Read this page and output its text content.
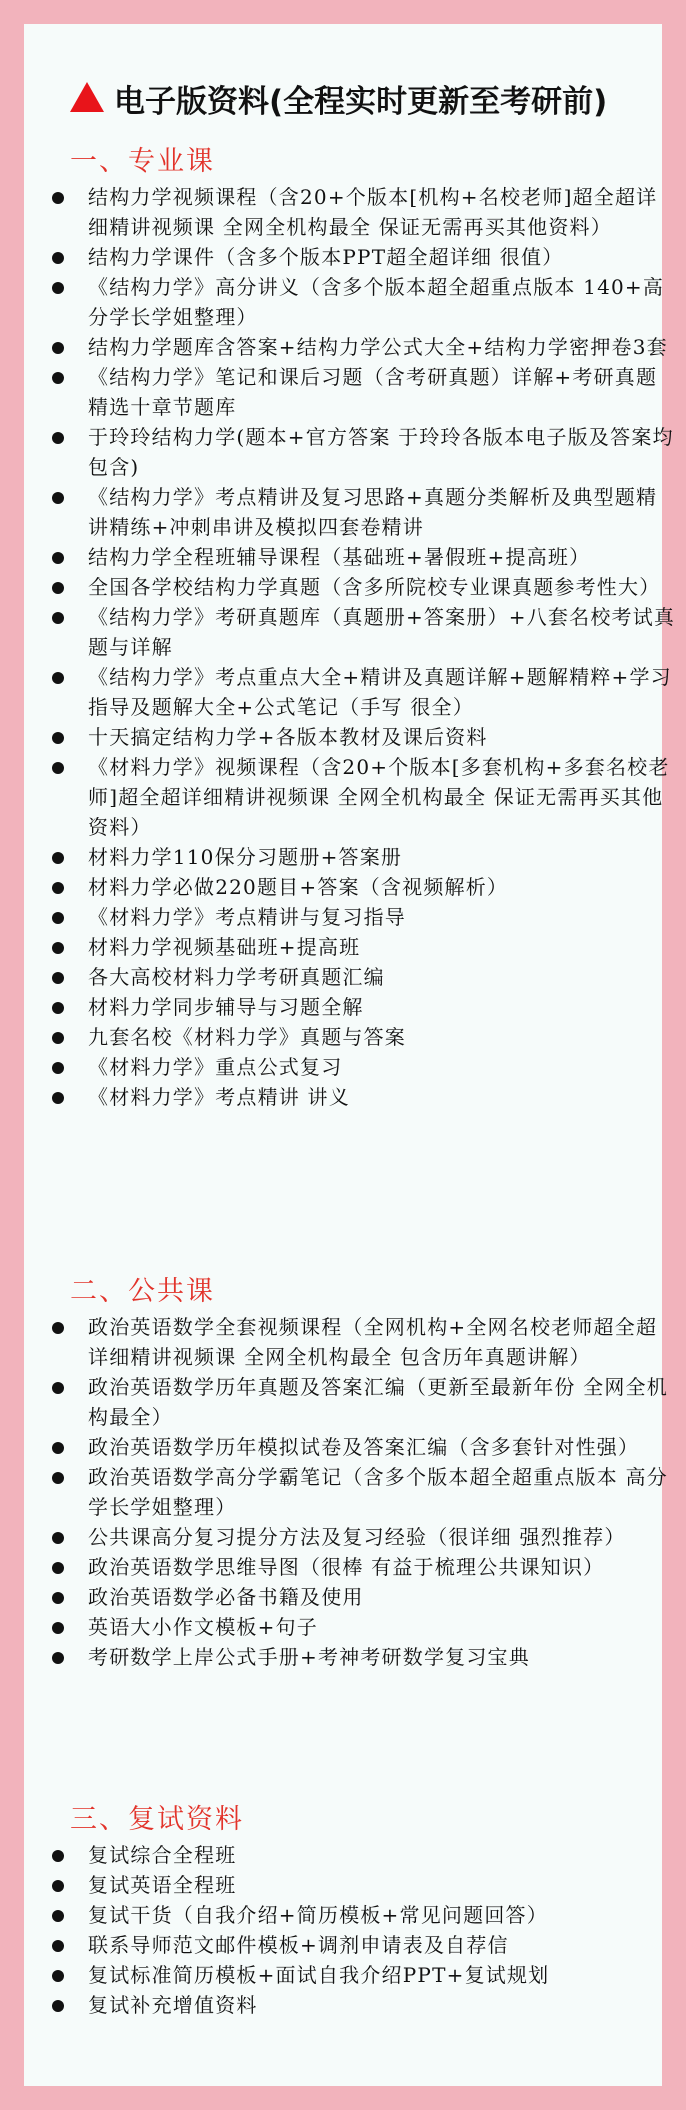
电子版资料(全程实时更新至考研前)
一、专业课
结构力学视频课程（含20+个版本[机构+名校老师]超全超详细精讲视频课 全网全机构最全 保证无需再买其他资料）
结构力学课件（含多个版本PPT超全超详细 很值）
《结构力学》高分讲义（含多个版本超全超重点版本 140+高分学长学姐整理）
结构力学题库含答案+结构力学公式大全+结构力学密押卷3套
《结构力学》笔记和课后习题（含考研真题）详解+考研真题精选十章节题库
于玲玲结构力学(题本+官方答案 于玲玲各版本电子版及答案均包含)
《结构力学》考点精讲及复习思路+真题分类解析及典型题精讲精练+冲刺串讲及模拟四套卷精讲
结构力学全程班辅导课程（基础班+暑假班+提高班）
全国各学校结构力学真题（含多所院校专业课真题参考性大）
《结构力学》考研真题库（真题册+答案册）+八套名校考试真题与详解
《结构力学》考点重点大全+精讲及真题详解+题解精粹+学习指导及题解大全+公式笔记（手写 很全）
十天搞定结构力学+各版本教材及课后资料
《材料力学》视频课程（含20+个版本[多套机构+多套名校老师]超全超详细精讲视频课 全网全机构最全 保证无需再买其他资料）
材料力学110保分习题册+答案册
材料力学必做220题目+答案（含视频解析）
《材料力学》考点精讲与复习指导
材料力学视频基础班+提高班
各大高校材料力学考研真题汇编
材料力学同步辅导与习题全解
九套名校《材料力学》真题与答案
《材料力学》重点公式复习
《材料力学》考点精讲 讲义
二、公共课
政治英语数学全套视频课程（全网机构+全网名校老师超全超详细精讲视频课 全网全机构最全 包含历年真题讲解）
政治英语数学历年真题及答案汇编（更新至最新年份 全网全机构最全）
政治英语数学历年模拟试卷及答案汇编（含多套针对性强）
政治英语数学高分学霸笔记（含多个版本超全超重点版本 高分学长学姐整理）
公共课高分复习提分方法及复习经验（很详细 强烈推荐）
政治英语数学思维导图（很棒 有益于梳理公共课知识）
政治英语数学必备书籍及使用
英语大小作文模板+句子
考研数学上岸公式手册+考神考研数学复习宝典
三、复试资料
复试综合全程班
复试英语全程班
复试干货（自我介绍+简历模板+常见问题回答）
联系导师范文邮件模板+调剂申请表及自荐信
复试标准简历模板+面试自我介绍PPT+复试规划
复试补充增值资料
